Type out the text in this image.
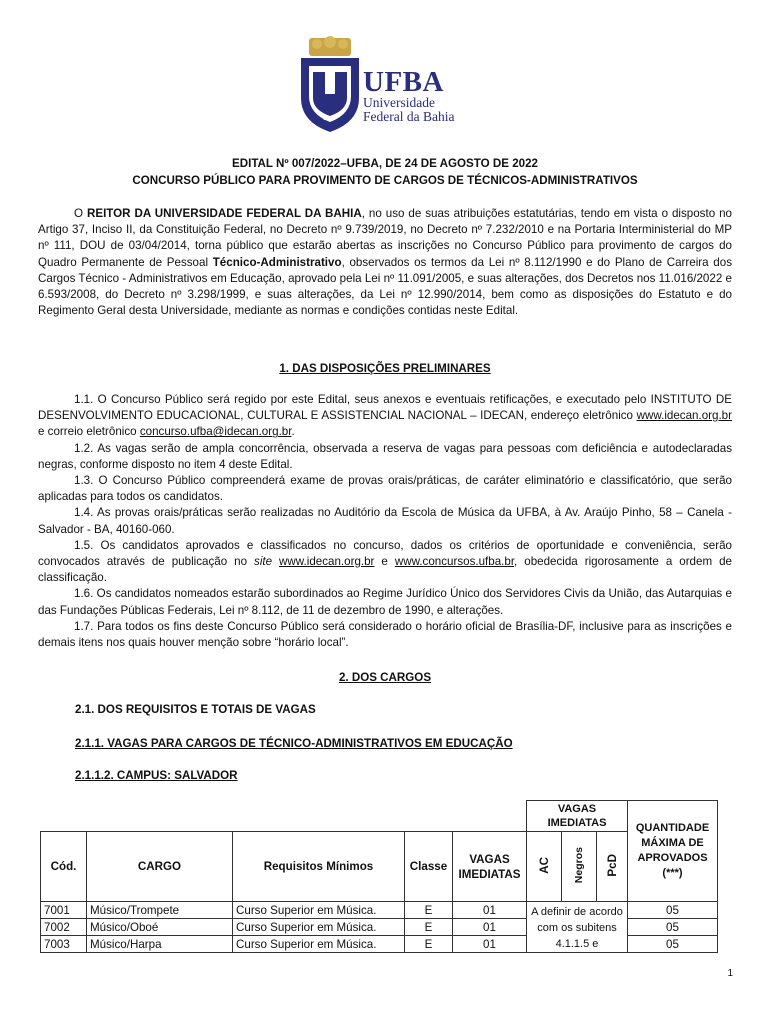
UFBA
Universidade
Federal da Bahia
1946
EDITAL Nº 007/2022–UFBA, DE 24 DE AGOSTO DE 2022
CONCURSO PÚBLICO PARA PROVIMENTO DE CARGOS DE TÉCNICOS-ADMINISTRATIVOS

O REITOR DA UNIVERSIDADE FEDERAL DA BAHIA, no uso de suas atribuições estatutárias, tendo em vista o disposto no Artigo 37, Inciso II, da Constituição Federal, no Decreto nº 9.739/2019, no Decreto nº 7.232/2010 e na Portaria Interministerial do MP nº 111, DOU de 03/04/2014, torna público que estarão abertas as inscrições no Concurso Público para provimento de cargos do Quadro Permanente de Pessoal Técnico-Administrativo, observados os termos da Lei nº 8.112/1990 e do Plano de Carreira dos Cargos Técnico - Administrativos em Educação, aprovado pela Lei nº 11.091/2005, e suas alterações, dos Decretos nos 11.016/2022 e 6.593/2008, do Decreto nº 3.298/1999, e suas alterações, da Lei nº 12.990/2014, bem como as disposições do Estatuto e do Regimento Geral desta Universidade, mediante as normas e condições contidas neste Edital.

1. DAS DISPOSIÇÕES PRELIMINARES

1.1. O Concurso Público será regido por este Edital, seus anexos e eventuais retificações, e executado pelo INSTITUTO DE DESENVOLVIMENTO EDUCACIONAL, CULTURAL E ASSISTENCIAL NACIONAL – IDECAN, endereço eletrônico www.idecan.org.br e correio eletrônico concurso.ufba@idecan.org.br.

1.2. As vagas serão de ampla concorrência, observada a reserva de vagas para pessoas com deficiência e autodeclaradas negras, conforme disposto no item 4 deste Edital.

1.3. O Concurso Público compreenderá exame de provas orais/práticas, de caráter eliminatório e classificatório, que serão aplicadas para todos os candidatos.

1.4. As provas orais/práticas serão realizadas no Auditório da Escola de Música da UFBA, à Av. Araújo Pinho, 58 – Canela - Salvador - BA, 40160-060.

1.5. Os candidatos aprovados e classificados no concurso, dados os critérios de oportunidade e conveniência, serão convocados através de publicação no site www.idecan.org.br e www.concursos.ufba.br, obedecida rigorosamente a ordem de classificação.

1.6. Os candidatos nomeados estarão subordinados ao Regime Jurídico Único dos Servidores Civis da União, das Autarquias e das Fundações Públicas Federais, Lei nº 8.112, de 11 de dezembro de 1990, e alterações.

1.7. Para todos os fins deste Concurso Público será considerado o horário oficial de Brasília-DF, inclusive para as inscrições e demais itens nos quais houver menção sobre “horário local”.

2. DOS CARGOS
2.1. DOS REQUISITOS E TOTAIS DE VAGAS
2.1.1. VAGAS PARA CARGOS DE TÉCNICO-ADMINISTRATIVOS EM EDUCAÇÃO
2.1.1.2. CAMPUS: SALVADOR
					VAGAS IMEDIATAS			QUANTIDADE MÁXIMA DE APROVADOS (***)
Cód.	CARGO	Requisitos Mínimos	Classe	VAGAS IMEDIATAS	AC	Negros	PcD	
7001	Músico/Trompete	Curso Superior em Música.	E	01	A definir de acordo com os subitens 4.1.1.5 e			05
7002	Músico/Oboé	Curso Superior em Música.	E	01				05
7003	Músico/Harpa	Curso Superior em Música.	E	01				05
1
